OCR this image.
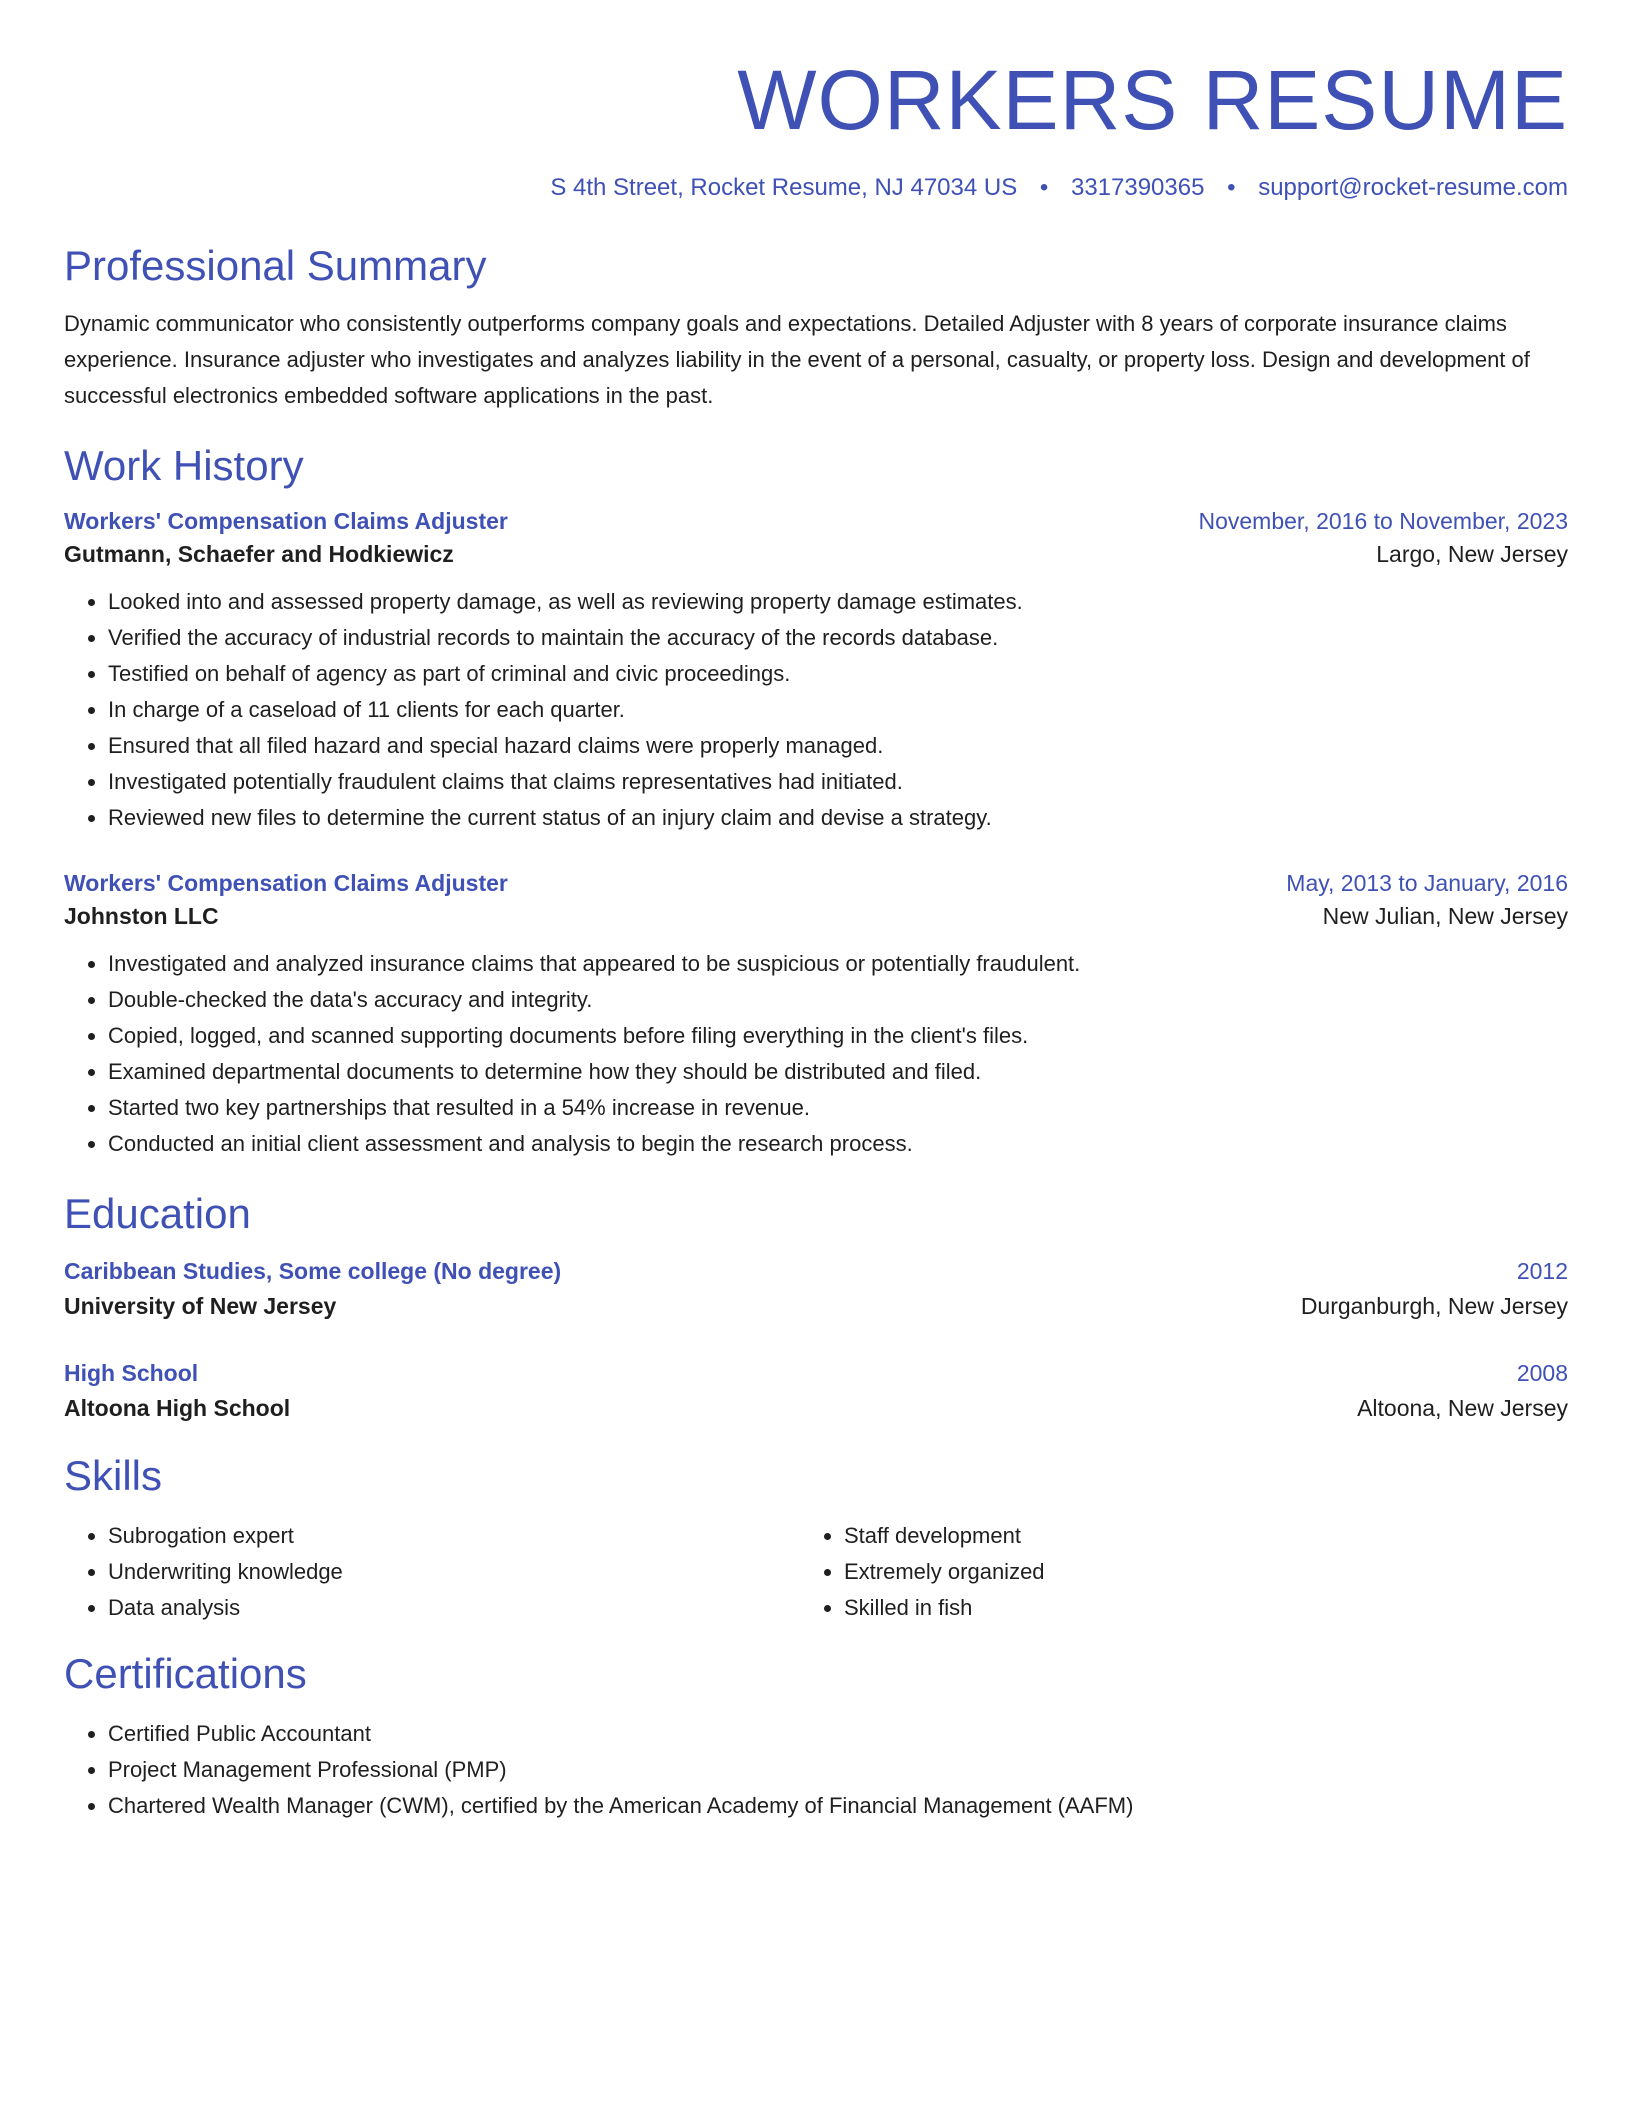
WORKERS RESUME
S 4th Street, Rocket Resume, NJ 47034 US • 3317390365 • support@rocket-resume.com
Professional Summary

Dynamic communicator who consistently outperforms company goals and expectations. Detailed Adjuster with 8 years of corporate insurance claims experience. Insurance adjuster who investigates and analyzes liability in the event of a personal, casualty, or property loss. Design and development of successful electronics embedded software applications in the past.

Work History
Workers' Compensation Claims Adjuster	November, 2016 to November, 2023
Gutmann, Schaefer and Hodkiewicz	Largo, New Jersey
• Looked into and assessed property damage, as well as reviewing property damage estimates.
• Verified the accuracy of industrial records to maintain the accuracy of the records database.
• Testified on behalf of agency as part of criminal and civic proceedings.
• In charge of a caseload of 11 clients for each quarter.
• Ensured that all filed hazard and special hazard claims were properly managed.
• Investigated potentially fraudulent claims that claims representatives had initiated.
• Reviewed new files to determine the current status of an injury claim and devise a strategy.
Workers' Compensation Claims Adjuster	May, 2013 to January, 2016
Johnston LLC	New Julian, New Jersey
• Investigated and analyzed insurance claims that appeared to be suspicious or potentially fraudulent.
• Double-checked the data's accuracy and integrity.
• Copied, logged, and scanned supporting documents before filing everything in the client's files.
• Examined departmental documents to determine how they should be distributed and filed.
• Started two key partnerships that resulted in a 54% increase in revenue.
• Conducted an initial client assessment and analysis to begin the research process.
Education
Caribbean Studies, Some college (No degree)	2012
University of New Jersey	Durganburgh, New Jersey
High School	2008
Altoona High School	Altoona, New Jersey
Skills
• Subrogation expert
• Underwriting knowledge
• Data analysis
• Staff development
• Extremely organized
• Skilled in fish
Certifications
• Certified Public Accountant
• Project Management Professional (PMP)
• Chartered Wealth Manager (CWM), certified by the American Academy of Financial Management (AAFM)
